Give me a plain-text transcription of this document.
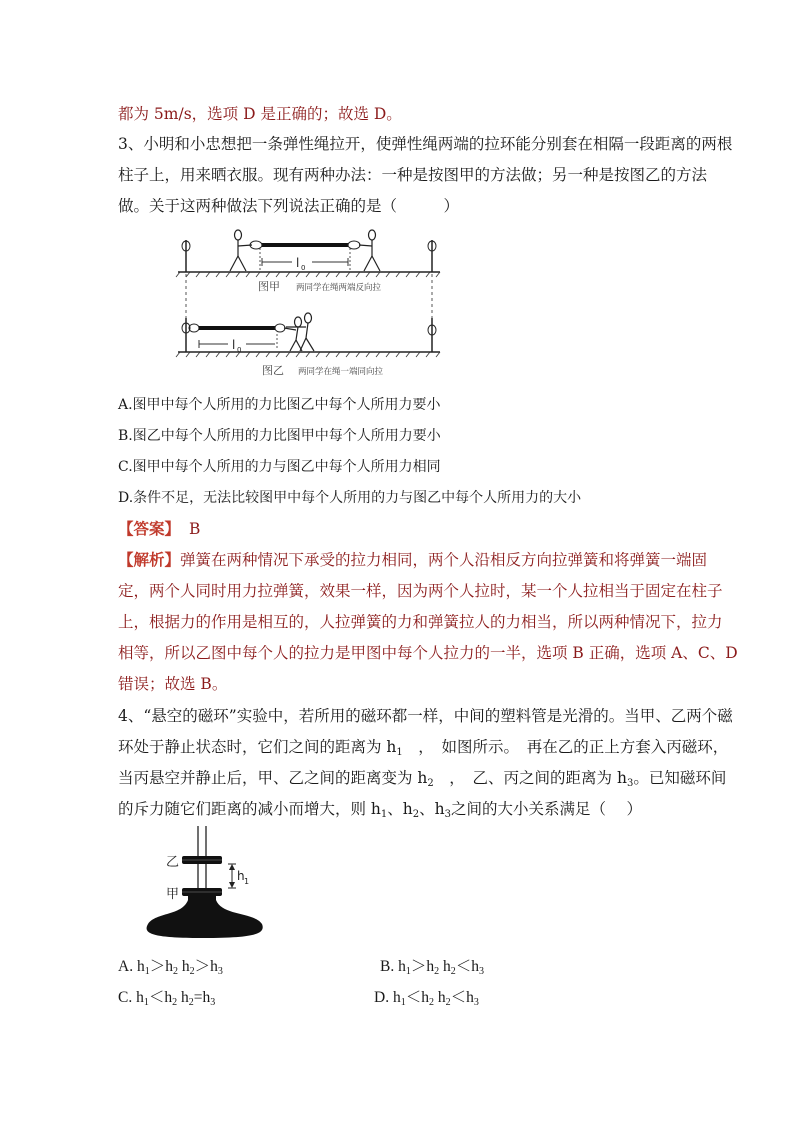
都为 5m/s，选项 D 是正确的；故选 D。
3、小明和小忠想把一条弹性绳拉开，使弹性绳两端的拉环能分别套在相隔一段距离的两根
柱子上，用来晒衣服。现有两种办法：一种是按图甲的方法做；另一种是按图乙的方法
做。关于这两种做法下列说法正确的是（　　　）
l 0
图甲 两同学在绳两端反向拉
l 0
图乙 两同学在绳一端同向拉
A.图甲中每个人所用的力比图乙中每个人所用力要小
B.图乙中每个人所用的力比图甲中每个人所用力要小
C.图甲中每个人所用的力与图乙中每个人所用力相同
D.条件不足，无法比较图甲中每个人所用的力与图乙中每个人所用力的大小
【答案】 B
【解析】弹簧在两种情况下承受的拉力相同，两个人沿相反方向拉弹簧和将弹簧一端固
定，两个人同时用力拉弹簧，效果一样，因为两个人拉时，某一个人拉相当于固定在柱子
上，根据力的作用是相互的，人拉弹簧的力和弹簧拉人的力相当，所以两种情况下，拉力
相等，所以乙图中每个人的拉力是甲图中每个人拉力的一半，选项 B 正确，选项 A、C、D
错误；故选 B。
4、“悬空的磁环”实验中，若所用的磁环都一样，中间的塑料管是光滑的。当甲、乙两个磁
环处于静止状态时，它们之间的距离为 $h_1$　，　如图所示。　再在乙的正上方套入丙磁环，
当丙悬空并静止后，甲、乙之间的距离变为 $h_2$　，　乙、丙之间的距离为 $h_3$。已知磁环间
的斥力随它们距离的减小而增大，则 $h_1$、$h_2$、$h_3$之间的大小关系满足（　 ）
h 1
乙
甲
A. $h_1>h_2$ $h_2>h_3$	B. $h_1>h_2$ $h_2<h_3$
C. $h_1<h_2$ $h_2=h_3$	D. $h_1<h_2$ $h_2<h_3$
